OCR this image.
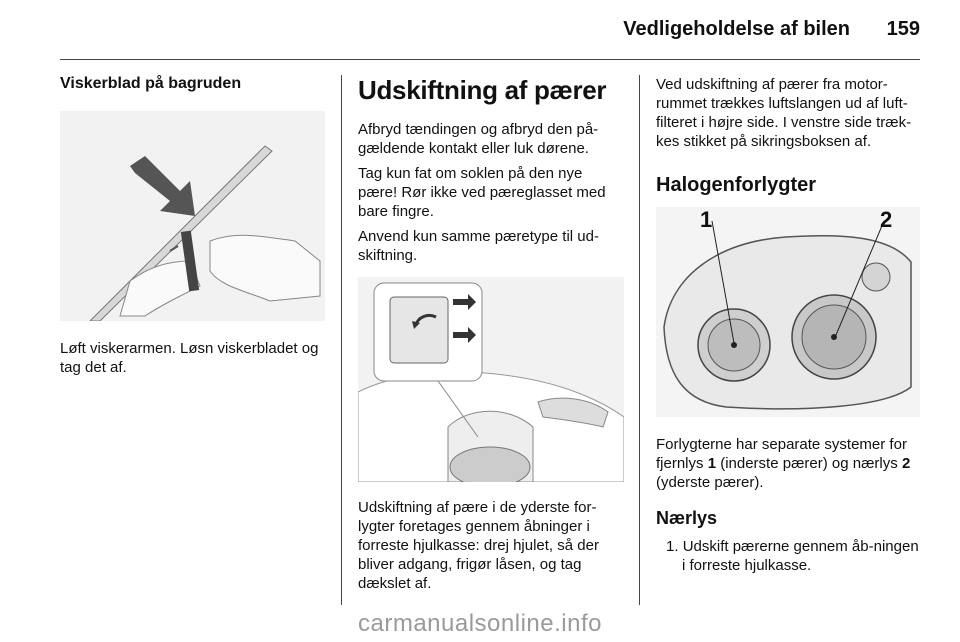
Vedligeholdelse af bilen 159
Viskerblad på bagruden

Løft viskerarmen. Løsn viskerbladet og tag det af.

Udskiftning af pærer

Afbryd tændingen og afbryd den på-gældende kontakt eller luk dørene.

Tag kun fat om soklen på den nye pære! Rør ikke ved pæreglasset med bare fingre.

Anvend kun samme pæretype til ud-skiftning.

Udskiftning af pære i de yderste for-lygter foretages gennem åbninger i forreste hjulkasse: drej hjulet, så der bliver adgang, frigør låsen, og tag dækslet af.

Ved udskiftning af pærer fra motor-rummet trækkes luftslangen ud af luft-filteret i højre side. I venstre side træk-kes stikket på sikringsboksen af.

Halogenforlygter
1	2

Forlygterne har separate systemer for fjernlys 1 (inderste pærer) og nærlys 2 (yderste pærer).

Nærlys

1. Udskift pærerne gennem åb-ningen i forreste hjulkasse.

carmanualsonline.info
